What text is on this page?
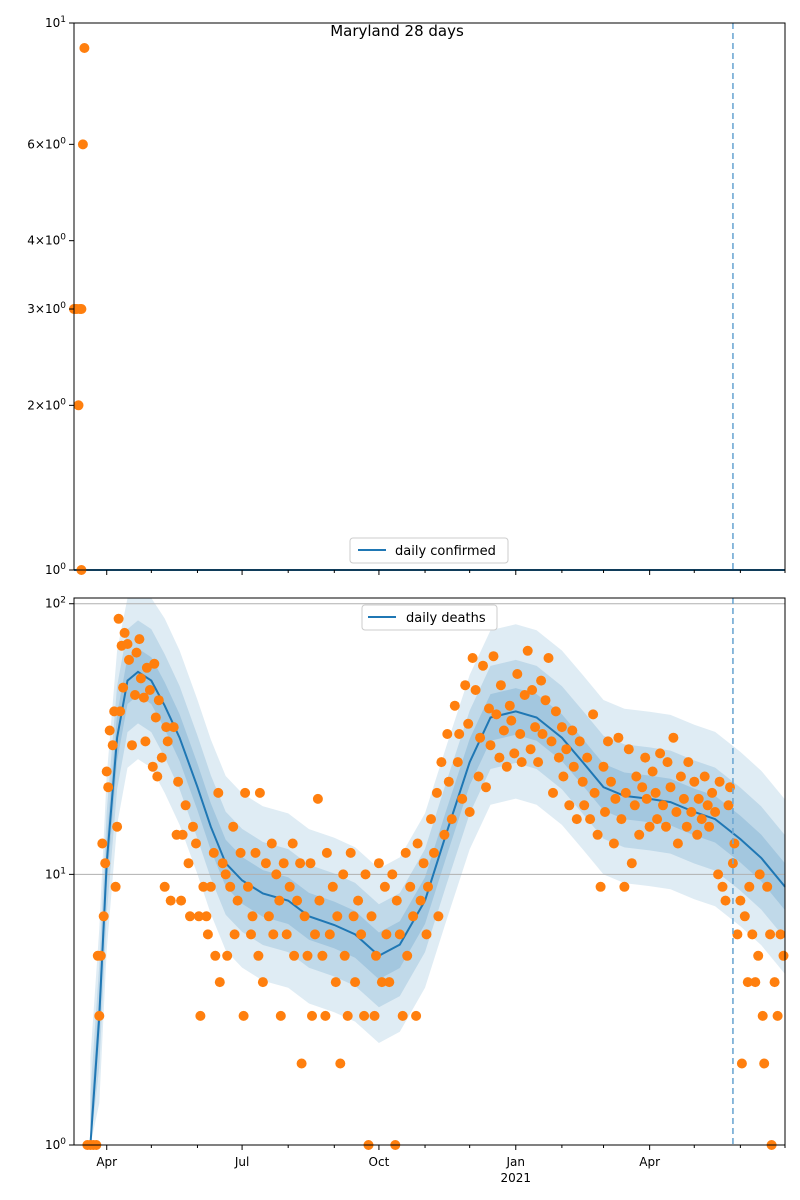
$10^0$
$2\times 10^0$
$3\times 10^0$
$4\times 10^0$
$6\times 10^0$
$10^1$
Maryland 28 days
daily confirmed
$10^0$
$10^1$
$10^2$
Apr	Jul	Oct	Jan	Apr
2021
daily deaths
